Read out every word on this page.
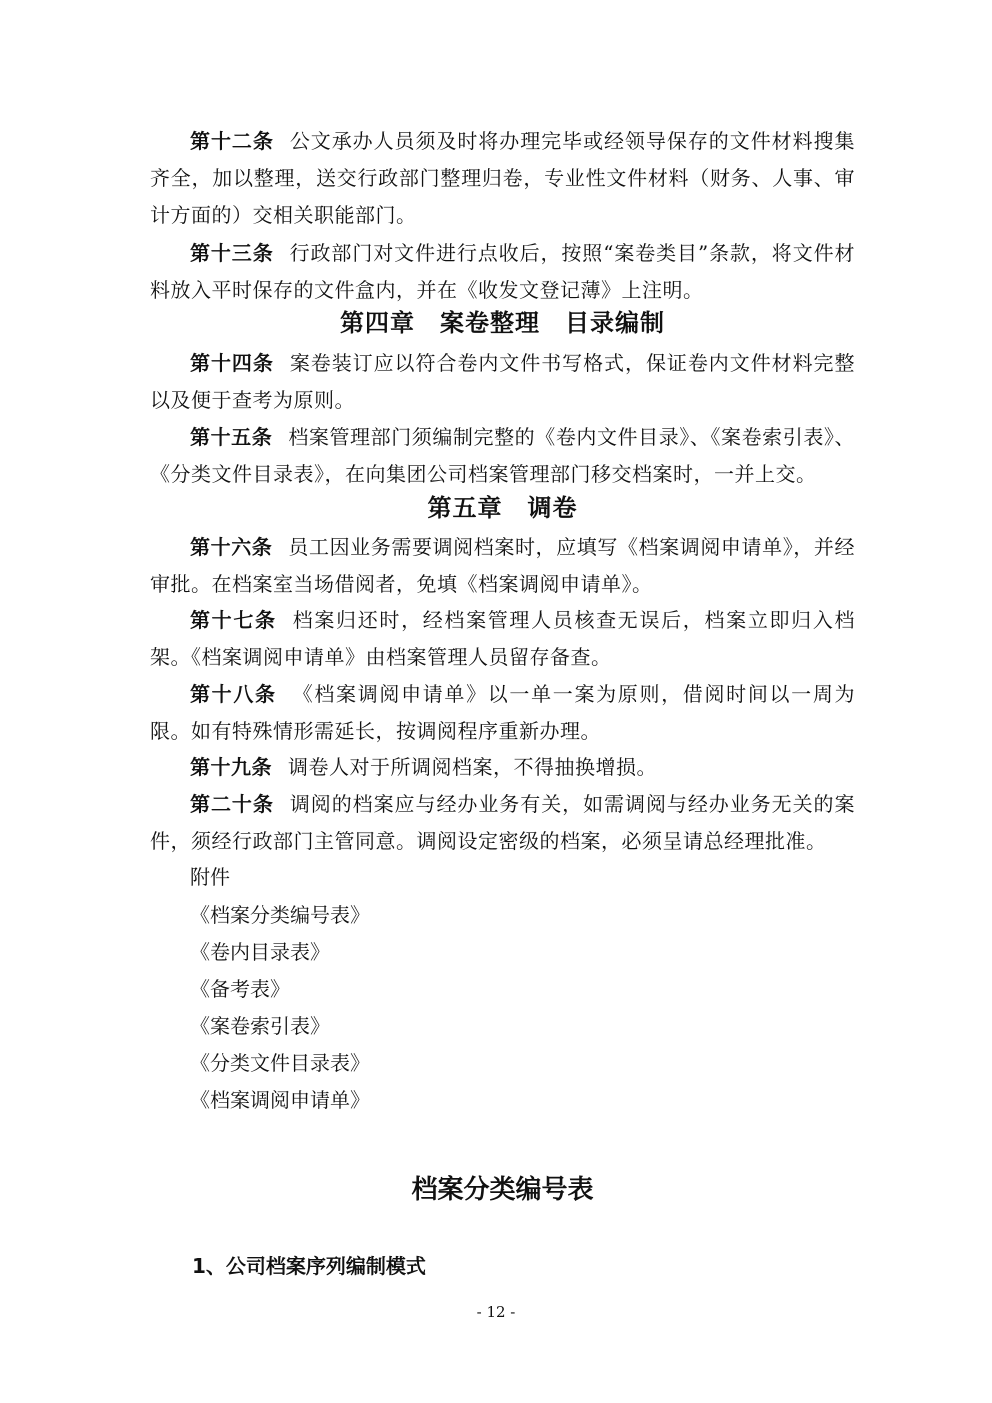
第十二条 公文承办人员须及时将办理完毕或经领导保存的文件材料搜集齐全，加以整理，送交行政部门整理归卷，专业性文件材料（财务、人事、审计方面的）交相关职能部门。

第十三条 行政部门对文件进行点收后，按照“案卷类目”条款，将文件材料放入平时保存的文件盒内，并在《收发文登记薄》上注明。

第四章　案卷整理　目录编制

第十四条 案卷装订应以符合卷内文件书写格式，保证卷内文件材料完整以及便于查考为原则。

第十五条 档案管理部门须编制完整的《卷内文件目录》、《案卷索引表》、《分类文件目录表》，在向集团公司档案管理部门移交档案时，一并上交。

第五章　调卷

第十六条 员工因业务需要调阅档案时，应填写《档案调阅申请单》，并经审批。在档案室当场借阅者，免填《档案调阅申请单》。

第十七条 档案归还时，经档案管理人员核查无误后，档案立即归入档架。《档案调阅申请单》由档案管理人员留存备查。

第十八条 《档案调阅申请单》以一单一案为原则，借阅时间以一周为限。如有特殊情形需延长，按调阅程序重新办理。

第十九条 调卷人对于所调阅档案，不得抽换增损。

第二十条 调阅的档案应与经办业务有关，如需调阅与经办业务无关的案件，须经行政部门主管同意。调阅设定密级的档案，必须呈请总经理批准。

附件

《档案分类编号表》
《卷内目录表》
《备考表》
《案卷索引表》
《分类文件目录表》
《档案调阅申请单》
档案分类编号表

1、公司档案序列编制模式

- 12 -
